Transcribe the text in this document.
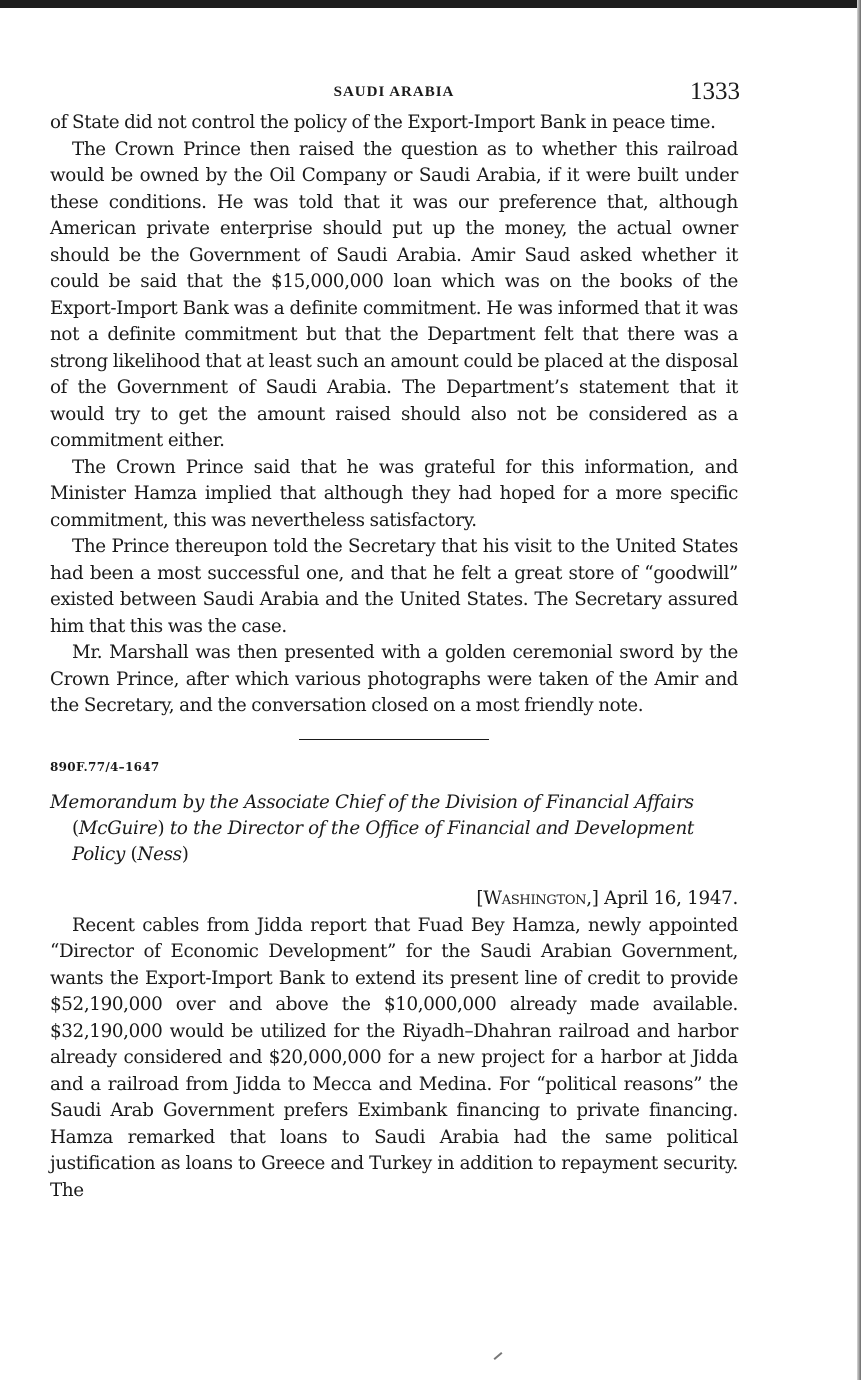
SAUDI ARABIA	1333

of State did not control the policy of the Export-Import Bank in peace time.

The Crown Prince then raised the question as to whether this railroad would be owned by the Oil Company or Saudi Arabia, if it were built under these conditions. He was told that it was our preference that, although American private enterprise should put up the money, the actual owner should be the Government of Saudi Arabia. Amir Saud asked whether it could be said that the $15,000,000 loan which was on the books of the Export-Import Bank was a definite commitment. He was informed that it was not a definite commitment but that the Department felt that there was a strong likelihood that at least such an amount could be placed at the disposal of the Government of Saudi Arabia. The Department’s statement that it would try to get the amount raised should also not be considered as a commitment either.

The Crown Prince said that he was grateful for this information, and Minister Hamza implied that although they had hoped for a more specific commitment, this was nevertheless satisfactory.

The Prince thereupon told the Secretary that his visit to the United States had been a most successful one, and that he felt a great store of “goodwill” existed between Saudi Arabia and the United States. The Secretary assured him that this was the case.

Mr. Marshall was then presented with a golden ceremonial sword by the Crown Prince, after which various photographs were taken of the Amir and the Secretary, and the conversation closed on a most friendly note.

890F.77/4–1647
Memorandum by the Associate Chief of the Division of Financial Affairs (McGuire) to the Director of the Office of Financial and Development Policy (Ness)
[Washington,] April 16, 1947.

Recent cables from Jidda report that Fuad Bey Hamza, newly appointed “Director of Economic Development” for the Saudi Arabian Government, wants the Export-Import Bank to extend its present line of credit to provide $52,190,000 over and above the $10,000,000 already made available. $32,190,000 would be utilized for the Riyadh–Dhahran railroad and harbor already considered and $20,000,000 for a new project for a harbor at Jidda and a railroad from Jidda to Mecca and Medina. For “political reasons” the Saudi Arab Government prefers Eximbank financing to private financing. Hamza remarked that loans to Saudi Arabia had the same political justification as loans to Greece and Turkey in addition to repayment security. The
